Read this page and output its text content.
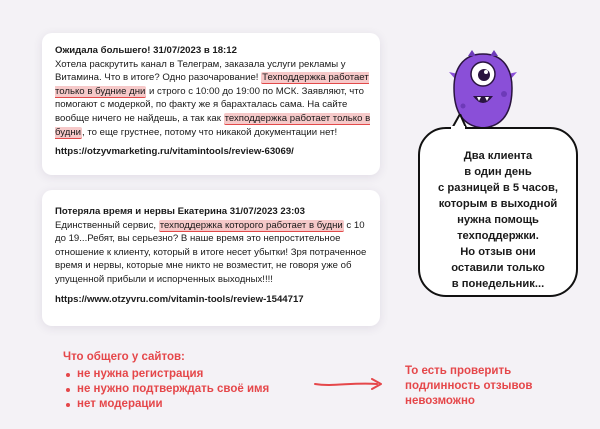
Ожидала большего! 31/07/2023 в 18:12
Хотела раскрутить канал в Телеграм, заказала услуги рекламы у Витамина. Что в итоге? Одно разочарование! Техподдержка работает только в будние дни и строго с 10:00 до 19:00 по МСК. Заявляют, что помогают с модеркой, по факту же я барахталась сама. На сайте вообще ничего не найдешь, а так как техподдержка работает только в будни, то еще грустнее, потому что никакой документации нет!
https://otzyvmarketing.ru/vitamintools/review-63069/
Потеряла время и нервы Екатерина 31/07/2023 23:03
Единственный сервис, техподдержка которого работает в будни с 10 до 19...Ребят, вы серьезно? В наше время это непростительное отношение к клиенту, который в итоге несет убытки! Зря потраченное время и нервы, которые мне никто не возместит, не говоря уже об упущенной прибыли и испорченных выходных!!!!
https://www.otzyvru.com/vitamin-tools/review-1544717
Два клиента
в один день
с разницей в 5 часов,
которым в выходной
нужна помощь
техподдержки.
Но отзыв они
оставили только
в понедельник...
Что общего у сайтов:
не нужна регистрация
не нужно подтверждать своё имя
нет модерации
То есть проверить
подлинность отзывов
невозможно
